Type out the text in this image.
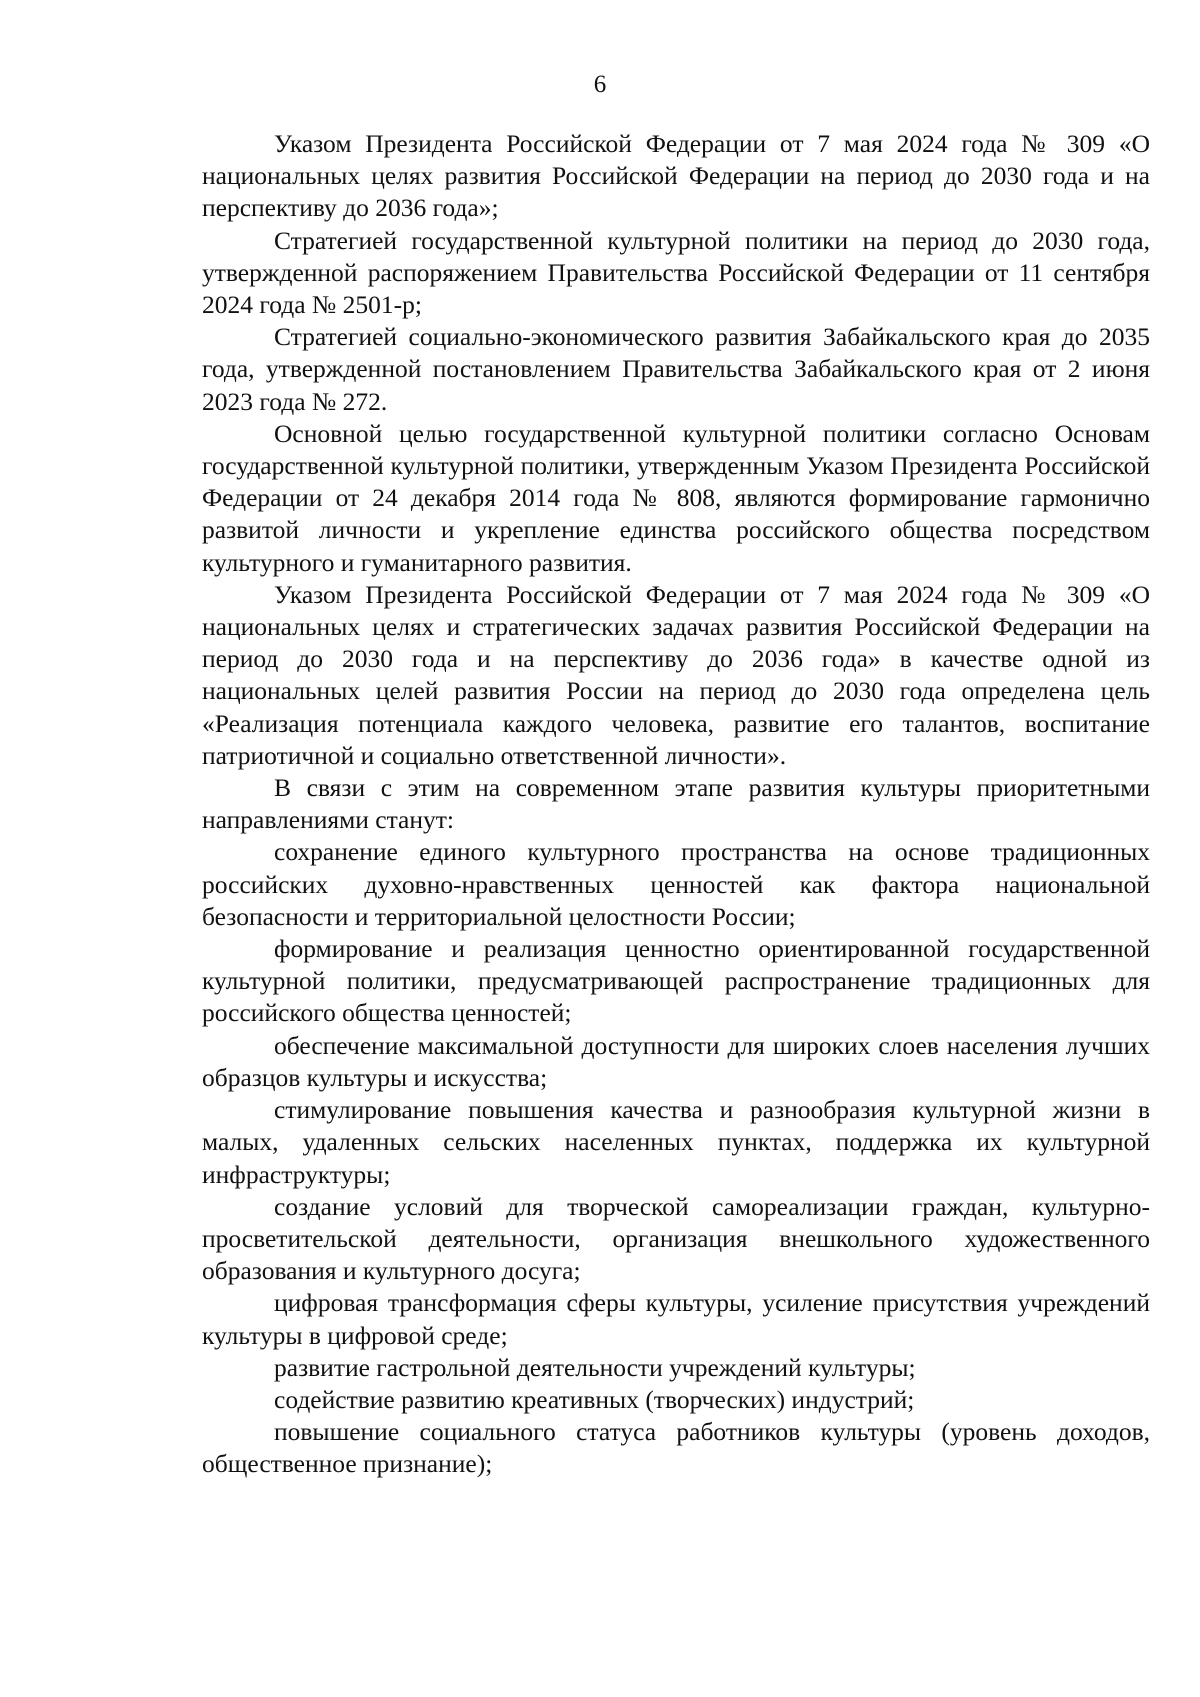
6

Указом Президента Российской Федерации от 7 мая 2024 года № 309 «О национальных целях развития Российской Федерации на период до 2030 года и на перспективу до 2036 года»;

Стратегией государственной культурной политики на период до 2030 года, утвержденной распоряжением Правительства Российской Федерации от 11 сентября 2024 года № 2501-р;

Стратегией социально-экономического развития Забайкальского края до 2035 года, утвержденной постановлением Правительства Забайкальского края от 2 июня 2023 года № 272.

Основной целью государственной культурной политики согласно Основам государственной культурной политики, утвержденным Указом Президента Российской Федерации от 24 декабря 2014 года № 808, являются формирование гармонично развитой личности и укрепление единства российского общества посредством культурного и гуманитарного развития.

Указом Президента Российской Федерации от 7 мая 2024 года № 309 «О национальных целях и стратегических задачах развития Российской Федерации на период до 2030 года и на перспективу до 2036 года» в качестве одной из национальных целей развития России на период до 2030 года определена цель «Реализация потенциала каждого человека, развитие его талантов, воспитание патриотичной и социально ответственной личности».

В связи с этим на современном этапе развития культуры приоритетными направлениями станут:

сохранение единого культурного пространства на основе традиционных российских духовно-нравственных ценностей как фактора национальной безопасности и территориальной целостности России;

формирование и реализация ценностно ориентированной государственной культурной политики, предусматривающей распространение традиционных для российского общества ценностей;

обеспечение максимальной доступности для широких слоев населения лучших образцов культуры и искусства;

стимулирование повышения качества и разнообразия культурной жизни в малых, удаленных сельских населенных пунктах, поддержка их культурной инфраструктуры;

создание условий для творческой самореализации граждан, культурно-просветительской деятельности, организация внешкольного художественного образования и культурного досуга;

цифровая трансформация сферы культуры, усиление присутствия учреждений культуры в цифровой среде;

развитие гастрольной деятельности учреждений культуры;

содействие развитию креативных (творческих) индустрий;

повышение социального статуса работников культуры (уровень доходов, общественное признание);
